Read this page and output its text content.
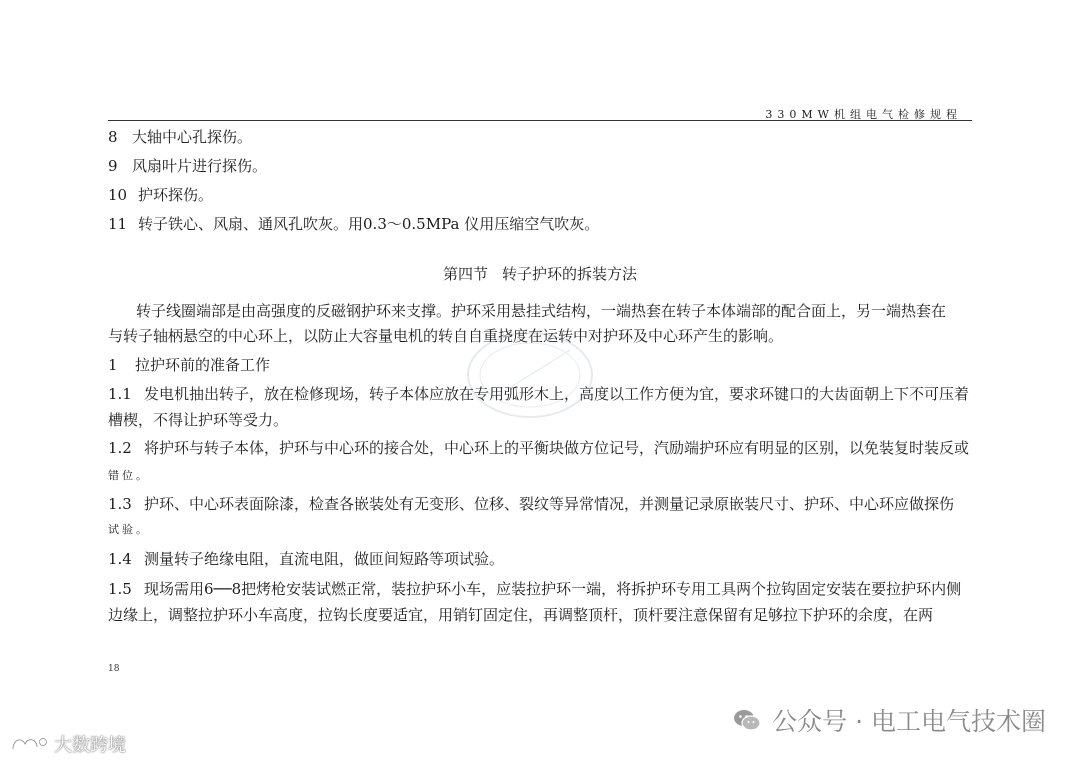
330MW机组电气检修规程
8 大轴中心孔探伤。
9 风扇叶片进行探伤。
10 护环探伤。
11 转子铁心、风扇、通风孔吹灰。用0.3～0.5MPa 仪用压缩空气吹灰。
第四节 转子护环的拆装方法
转子线圈端部是由高强度的反磁钢护环来支撑。护环采用悬挂式结构，一端热套在转子本体端部的配合面上，另一端热套在
与转子轴柄悬空的中心环上，以防止大容量电机的转自自重挠度在运转中对护环及中心环产生的影响。
1 拉护环前的准备工作
1.1 发电机抽出转子，放在检修现场，转子本体应放在专用弧形木上，高度以工作方便为宜，要求环键口的大齿面朝上下不可压着
槽楔，不得让护环等受力。
1.2 将护环与转子本体，护环与中心环的接合处，中心环上的平衡块做方位记号，汽励端护环应有明显的区别，以免装复时装反或
错位。
1.3 护环、中心环表面除漆，检查各嵌装处有无变形、位移、裂纹等异常情况，并测量记录原嵌装尺寸、护环、中心环应做探伤
试验。
1.4 测量转子绝缘电阻，直流电阻，做匝间短路等项试验。
1.5 现场需用6──8把烤枪安装试燃正常，装拉护环小车，应装拉护环一端，将拆护环专用工具两个拉钩固定安装在要拉护环内侧
边缘上，调整拉护环小车高度，拉钩长度要适宜，用销钉固定住，再调整顶杆，顶杆要注意保留有足够拉下护环的余度，在两
18
公众号 · 电工电气技术圈
大数跨境
